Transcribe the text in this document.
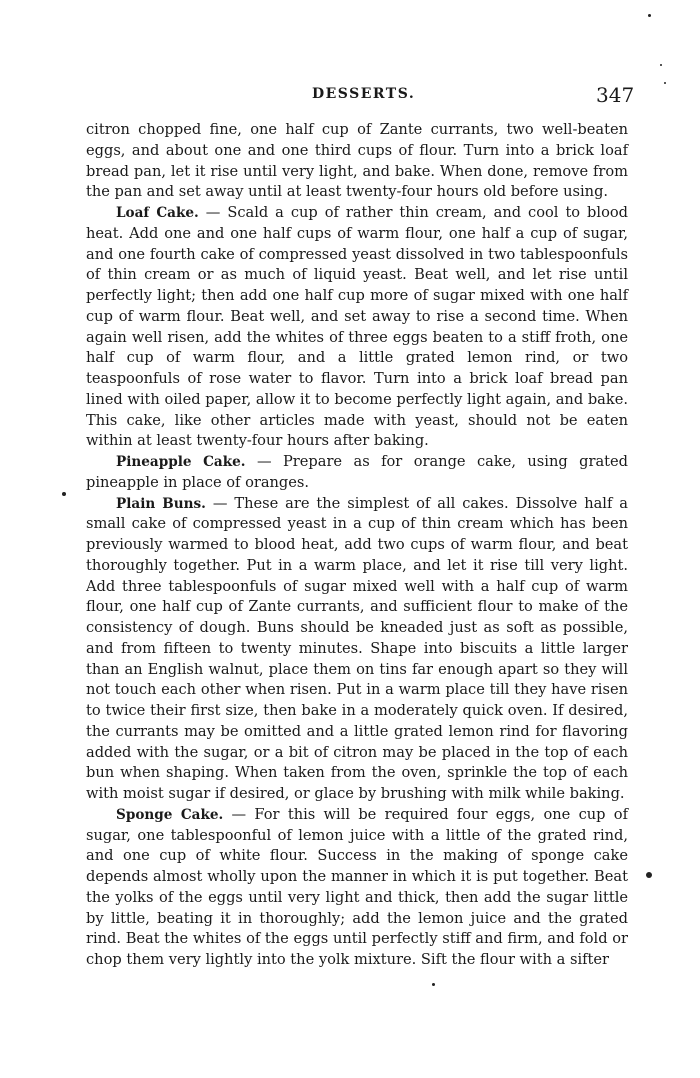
DESSERTS.	347

citron chopped fine, one half cup of Zante currants, two well-beaten eggs, and about one and one third cups of flour. Turn into a brick loaf bread pan, let it rise until very light, and bake. When done, remove from the pan and set away until at least twenty-four hours old before using.

Loaf Cake. — Scald a cup of rather thin cream, and cool to blood heat. Add one and one half cups of warm flour, one half a cup of sugar, and one fourth cake of compressed yeast dissolved in two tablespoonfuls of thin cream or as much of liquid yeast. Beat well, and let rise until perfectly light; then add one half cup more of sugar mixed with one half cup of warm flour. Beat well, and set away to rise a second time. When again well risen, add the whites of three eggs beaten to a stiff froth, one half cup of warm flour, and a little grated lemon rind, or two teaspoonfuls of rose water to flavor. Turn into a brick loaf bread pan lined with oiled paper, allow it to become perfectly light again, and bake. This cake, like other articles made with yeast, should not be eaten within at least twenty-four hours after baking.

Pineapple Cake. — Prepare as for orange cake, using grated pineapple in place of oranges.

Plain Buns. — These are the simplest of all cakes. Dissolve half a small cake of compressed yeast in a cup of thin cream which has been previously warmed to blood heat, add two cups of warm flour, and beat thoroughly together. Put in a warm place, and let it rise till very light. Add three tablespoonfuls of sugar mixed well with a half cup of warm flour, one half cup of Zante currants, and sufficient flour to make of the consistency of dough. Buns should be kneaded just as soft as possible, and from fifteen to twenty minutes. Shape into biscuits a little larger than an English walnut, place them on tins far enough apart so they will not touch each other when risen. Put in a warm place till they have risen to twice their first size, then bake in a moderately quick oven. If desired, the currants may be omitted and a little grated lemon rind for flavoring added with the sugar, or a bit of citron may be placed in the top of each bun when shaping. When taken from the oven, sprinkle the top of each with moist sugar if desired, or glace by brushing with milk while baking.

Sponge Cake. — For this will be required four eggs, one cup of sugar, one tablespoonful of lemon juice with a little of the grated rind, and one cup of white flour. Success in the making of sponge cake depends almost wholly upon the manner in which it is put together. Beat the yolks of the eggs until very light and thick, then add the sugar little by little, beating it in thoroughly; add the lemon juice and the grated rind. Beat the whites of the eggs until perfectly stiff and firm, and fold or chop them very lightly into the yolk mixture. Sift the flour with a sifter
